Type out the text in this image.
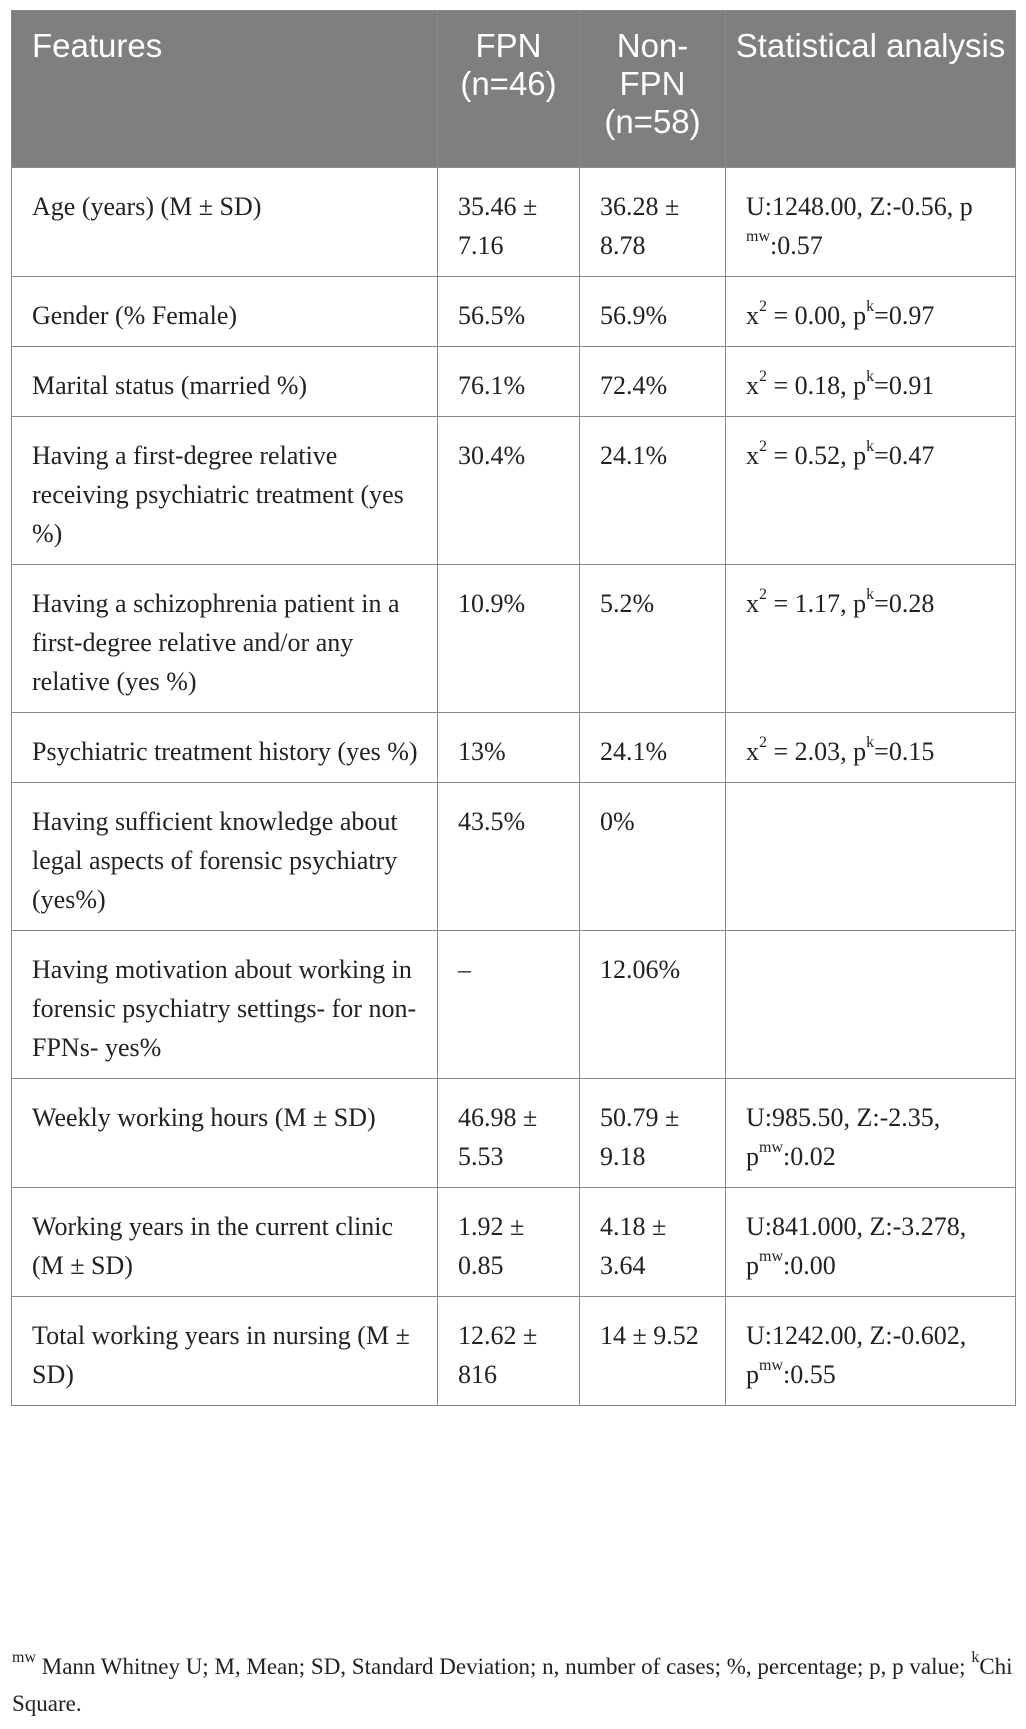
Features	FPN (n=46)	Non-FPN (n=58)	Statistical analysis
Age (years) (M ± SD)	35.46 ± 7.16	36.28 ± 8.78	U:1248.00, Z:-0.56, p $^{mw}$:0.57
Gender (% Female)	56.5%	56.9%	$x^2 = 0.00$, $p^k=0.97$
Marital status (married %)	76.1%	72.4%	$x^2 = 0.18$, $p^k=0.91$
Having a first-degree relative receiving psychiatric treatment (yes %)	30.4%	24.1%	$x^2 = 0.52$, $p^k=0.47$
Having a schizophrenia patient in a first-degree relative and/or any relative (yes %)	10.9%	5.2%	$x^2 = 1.17$, $p^k=0.28$
Psychiatric treatment history (yes %)	13%	24.1%	$x^2 = 2.03$, $p^k=0.15$
Having sufficient knowledge about legal aspects of forensic psychiatry (yes%)	43.5%	0%	
Having motivation about working in forensic psychiatry settings- for non- FPNs- yes%	–	12.06%	
Weekly working hours (M ± SD)	46.98 ± 5.53	50.79 ± 9.18	U:985.50, Z:-2.35, $p^{mw}:0.02$
Working years in the current clinic (M ± SD)	1.92 ± 0.85	4.18 ± 3.64	U:841.000, Z:-3.278, $p^{mw}:0.00$
Total working years in nursing (M ± SD)	12.62 ± 816	14 ± 9.52	U:1242.00, Z:-0.602, $p^{mw}:0.55$
$^{mw}$ Mann Whitney U; M, Mean; SD, Standard Deviation; n, number of cases; %, percentage; p, p value; $^k$Chi Square.
